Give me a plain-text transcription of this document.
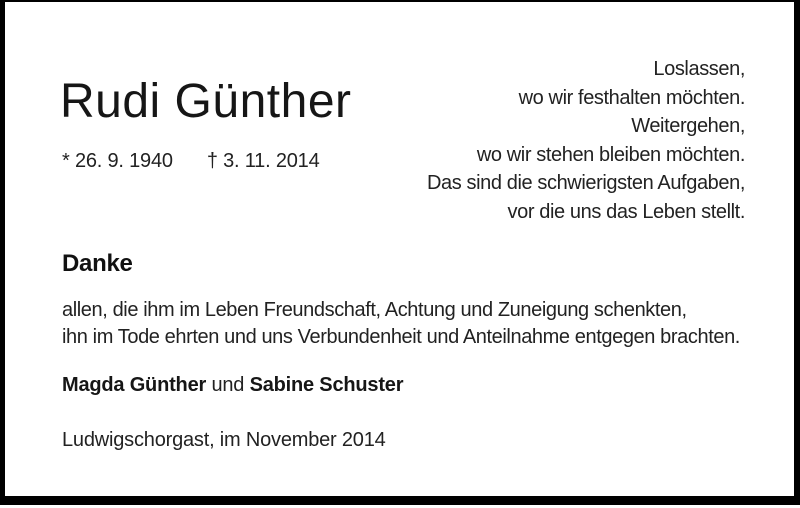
Rudi Günther
* 26. 9. 1940 † 3. 11. 2014
Loslassen,
wo wir festhalten möchten.
Weitergehen,
wo wir stehen bleiben möchten.
Das sind die schwierigsten Aufgaben,
vor die uns das Leben stellt.
Danke
allen, die ihm im Leben Freundschaft, Achtung und Zuneigung schenkten,
ihn im Tode ehrten und uns Verbundenheit und Anteilnahme entgegen brachten.
Magda Günther und Sabine Schuster
Ludwigschorgast, im November 2014
